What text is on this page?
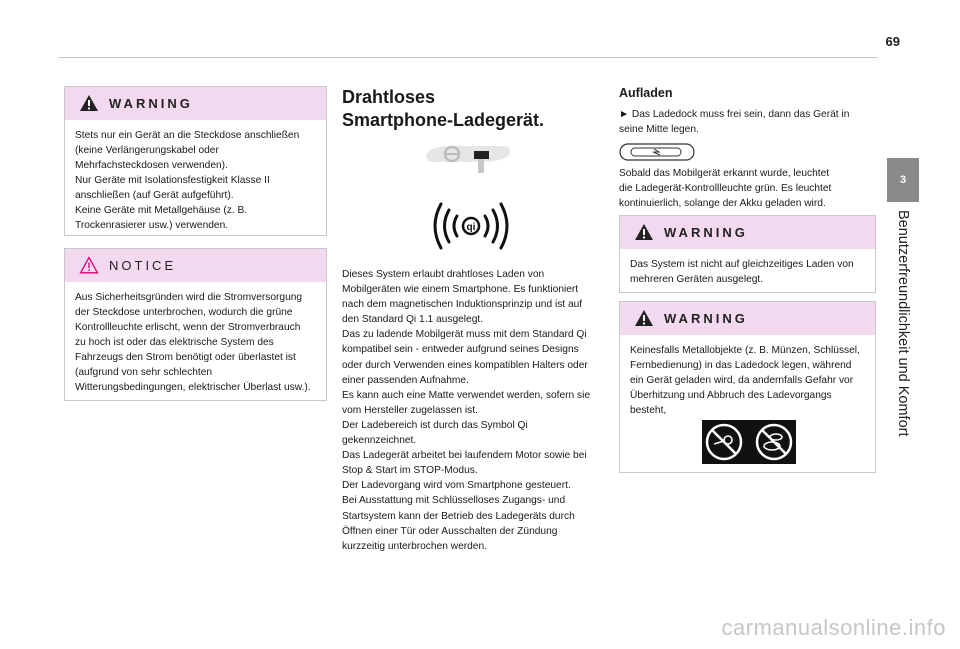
69
3
Benutzerfreundlichkeit und Komfort
WARNING

Stets nur ein Gerät an die Steckdose anschließen

(keine Verlängerungskabel oder

Mehrfachsteckdosen verwenden).

Nur Geräte mit Isolationsfestigkeit Klasse II

anschließen (auf Gerät aufgeführt).

Keine Geräte mit Metallgehäuse (z. B.

Trockenrasierer usw.) verwenden.

NOTICE

Aus Sicherheitsgründen wird die Stromversorgung

der Steckdose unterbrochen, wodurch die grüne

Kontrollleuchte erlischt, wenn der Stromverbrauch

zu hoch ist oder das elektrische System des

Fahrzeugs den Strom benötigt oder überlastet ist

(aufgrund von sehr schlechten

Witterungsbedingungen, elektrischer Überlast usw.).

Drahtloses
Smartphone-Ladegerät.
qi

Dieses System erlaubt drahtloses Laden von

Mobilgeräten wie einem Smartphone. Es funktioniert

nach dem magnetischen Induktionsprinzip und ist auf

den Standard Qi 1.1 ausgelegt.

Das zu ladende Mobilgerät muss mit dem Standard Qi

kompatibel sein - entweder aufgrund seines Designs

oder durch Verwenden eines kompatiblen Halters oder

einer passenden Aufnahme.

Es kann auch eine Matte verwendet werden, sofern sie

vom Hersteller zugelassen ist.

Der Ladebereich ist durch das Symbol Qi

gekennzeichnet.

Das Ladegerät arbeitet bei laufendem Motor sowie bei

Stop & Start im STOP-Modus.

Der Ladevorgang wird vom Smartphone gesteuert.

Bei Ausstattung mit Schlüsselloses Zugangs- und

Startsystem kann der Betrieb des Ladegeräts durch

Öffnen einer Tür oder Ausschalten der Zündung

kurzzeitig unterbrochen werden.

Aufladen

► Das Ladedock muss frei sein, dann das Gerät in

seine Mitte legen.

Sobald das Mobilgerät erkannt wurde, leuchtet

die Ladegerät-Kontrollleuchte grün. Es leuchtet

kontinuierlich, solange der Akku geladen wird.

WARNING

Das System ist nicht auf gleichzeitiges Laden von

mehreren Geräten ausgelegt.

WARNING

Keinesfalls Metallobjekte (z. B. Münzen, Schlüssel,

Fernbedienung) in das Ladedock legen, während

ein Gerät geladen wird, da andernfalls Gefahr vor

Überhitzung und Abbruch des Ladevorgangs

besteht,

carmanualsonline.info
